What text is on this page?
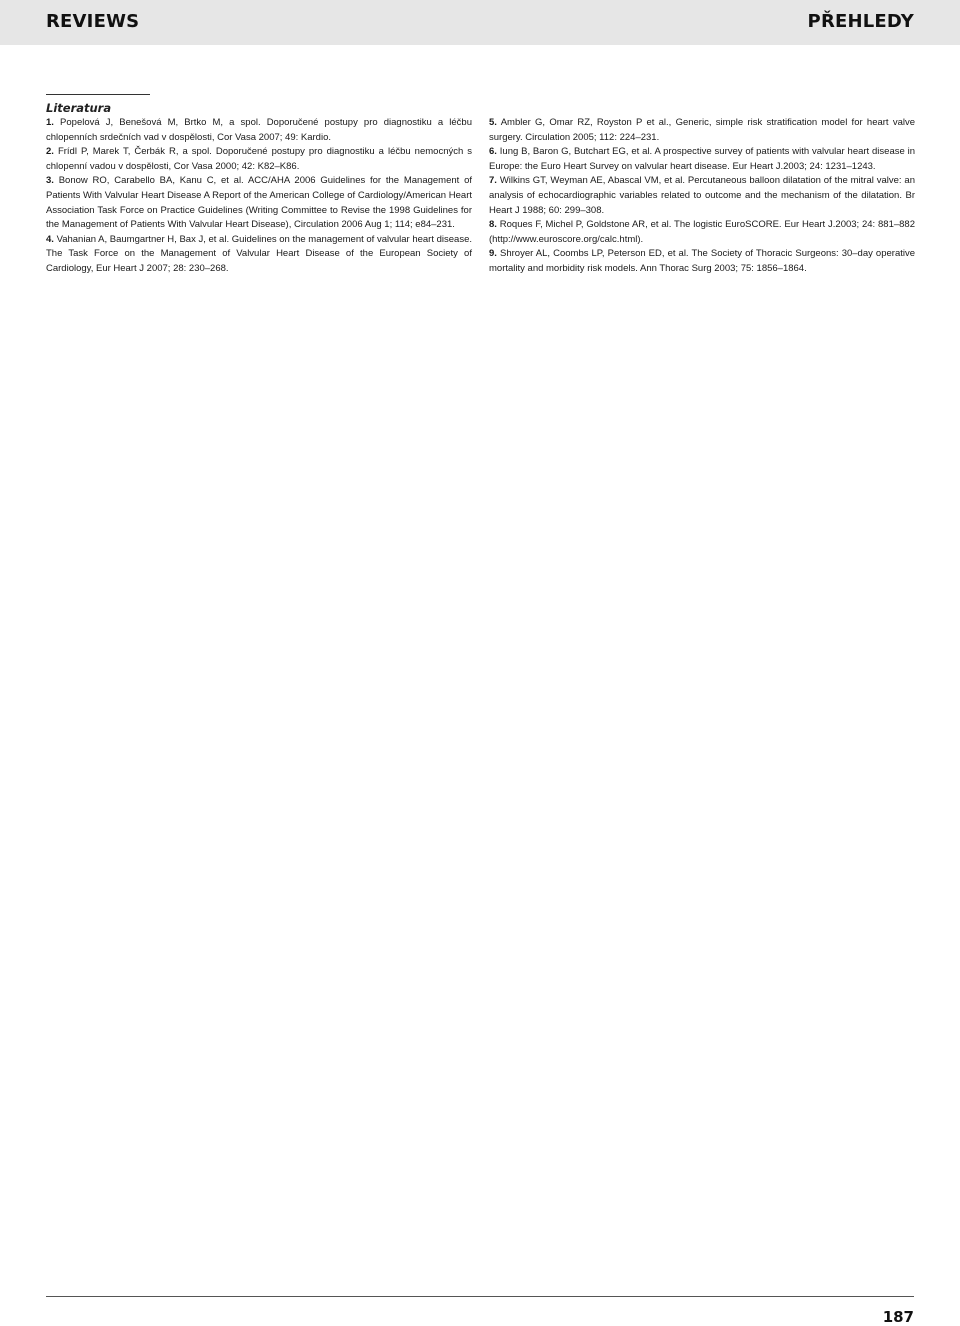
REVIEWS	PŘEHLEDY
Literatura

1. Popelová J, Benešová M, Brtko M, a spol. Doporučené postupy pro diagnostiku a léčbu chlopenních srdečních vad v dospělosti, Cor Vasa 2007; 49: Kardio.

2. Frídl P, Marek T, Čerbák R, a spol. Doporučené postupy pro diagnostiku a léčbu nemocných s chlopenní vadou v dospělosti, Cor Vasa 2000; 42: K82–K86.

3. Bonow RO, Carabello BA, Kanu C, et al. ACC/AHA 2006 Guidelines for the Management of Patients With Valvular Heart Disease A Report of the American College of Cardiology/American Heart Association Task Force on Practice Guidelines (Writing Committee to Revise the 1998 Guidelines for the Management of Patients With Valvular Heart Disease), Circulation 2006 Aug 1; 114; e84–231.

4. Vahanian A, Baumgartner H, Bax J, et al. Guidelines on the management of valvular heart disease. The Task Force on the Management of Valvular Heart Disease of the European Society of Cardiology, Eur Heart J 2007; 28: 230–268.

5. Ambler G, Omar RZ, Royston P et al., Generic, simple risk stratification model for heart valve surgery. Circulation 2005; 112: 224–231.

6. Iung B, Baron G, Butchart EG, et al. A prospective survey of patients with valvular heart disease in Europe: the Euro Heart Survey on valvular heart disease. Eur Heart J.2003; 24: 1231–1243.

7. Wilkins GT, Weyman AE, Abascal VM, et al. Percutaneous balloon dilatation of the mitral valve: an analysis of echocardiographic variables related to outcome and the mechanism of the dilatation. Br Heart J 1988; 60: 299–308.

8. Roques F, Michel P, Goldstone AR, et al. The logistic EuroSCORE. Eur Heart J.2003; 24: 881–882 (http://www.euroscore.org/calc.html).

9. Shroyer AL, Coombs LP, Peterson ED, et al. The Society of Thoracic Surgeons: 30–day operative mortality and morbidity risk models. Ann Thorac Surg 2003; 75: 1856–1864.

187
